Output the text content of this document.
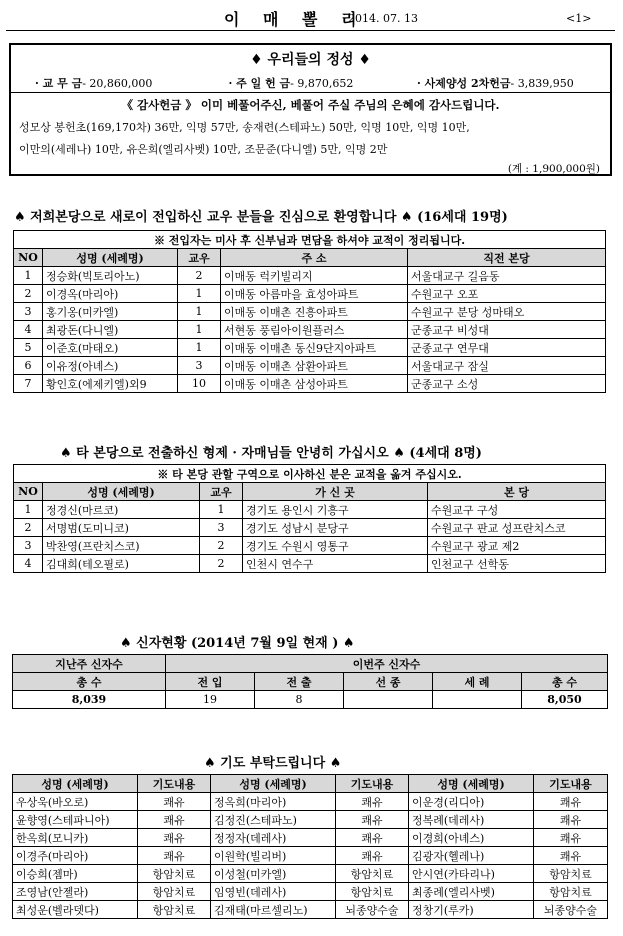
이 매 뽈 리
2014. 07. 13	<1>
♦ 우리들의 정성 ♦
· 교 무 금- 20,860,000	· 주 일 헌 금- 9,870,652	· 사제양성 2차헌금- 3,839,950
《 감사헌금 》 이미 베풀어주신, 베풀어 주실 주님의 은혜에 감사드립니다.
성모상 봉헌초(169,170차) 36만, 익명 57만, 송재련(스테파노) 50만, 익명 10만, 익명 10만,
이만의(세레나) 10만, 유은희(엘리사벳) 10만, 조문준(다니엘) 5만, 익명 2만
(계 : 1,900,000원)
♠ 저희본당으로 새로이 전입하신 교우 분들을 진심으로 환영합니다 ♠ (16세대 19명)
※ 전입자는 미사 후 신부님과 면담을 하셔야 교적이 정리됩니다.				
NO	성명 (세례명)	교우	주 소	직전 본당
1	정승화(빅토리아노)	2	이매동 럭키빌리지	서울대교구 길음동
2	이경옥(마리아)	1	이매동 아름마을 효성아파트	수원교구 오포
3	홍기옹(미카엘)	1	이매동 이매촌 진흥아파트	수원교구 분당 성마태오
4	최광돈(다니엘)	1	서현동 풍림아이원플러스	군종교구 비성대
5	이준호(마태오)	1	이매동 이매촌 동신9단지아파트	군종교구 연무대
6	이유정(아녜스)	3	이매동 이매촌 삼환아파트	서울대교구 잠실
7	황인호(에제키엘)외9	10	이매동 이매촌 삼성아파트	군종교구 소성
♠ 타 본당으로 전출하신 형제 · 자매님들 안녕히 가십시오 ♠ (4세대 8명)
※ 타 본당 관할 구역으로 이사하신 분은 교적을 옮겨 주십시오.				
NO	성명 (세례명)	교우	가 신 곳	본 당
1	정경신(마르코)	1	경기도 용인시 기흥구	수원교구 구성
2	서명범(도미니코)	3	경기도 성남시 분당구	수원교구 판교 성프란치스코
3	박찬영(프란치스코)	2	경기도 수원시 영통구	수원교구 광교 제2
4	김대희(테오필로)	2	인천시 연수구	인천교구 선학동
♠ 신자현황 (2014년 7월 9일 현재 ) ♠
지난주 신자수	이번주 신자수				
총 수	전 입	전 출	선 종	세 례	총 수
8,039	19	8			8,050
♠ 기도 부탁드립니다 ♠
성명 (세례명)	기도내용	성명 (세례명)	기도내용	성명 (세례명)	기도내용
우상욱(바오로)	쾌유	정옥희(마리아)	쾌유	이운경(리디아)	쾌유
윤향영(스테파니아)	쾌유	김정진(스테파노)	쾌유	정복례(데레사)	쾌유
한옥희(모니카)	쾌유	정정자(데레사)	쾌유	이경희(아녜스)	쾌유
이경주(마리아)	쾌유	이원학(빌리버)	쾌유	김광자(헬레나)	쾌유
이승희(젬마)	항암치료	이성철(미카엘)	항암치료	안시연(카타리나)	항암치료
조영남(안젤라)	항암치료	임영빈(데레사)	항암치료	최종례(엘리사벳)	항암치료
최성운(벨라뎃다)	항암치료	김재태(마르셀리노)	뇌종양수술	정창기(루카)	뇌종양수술
